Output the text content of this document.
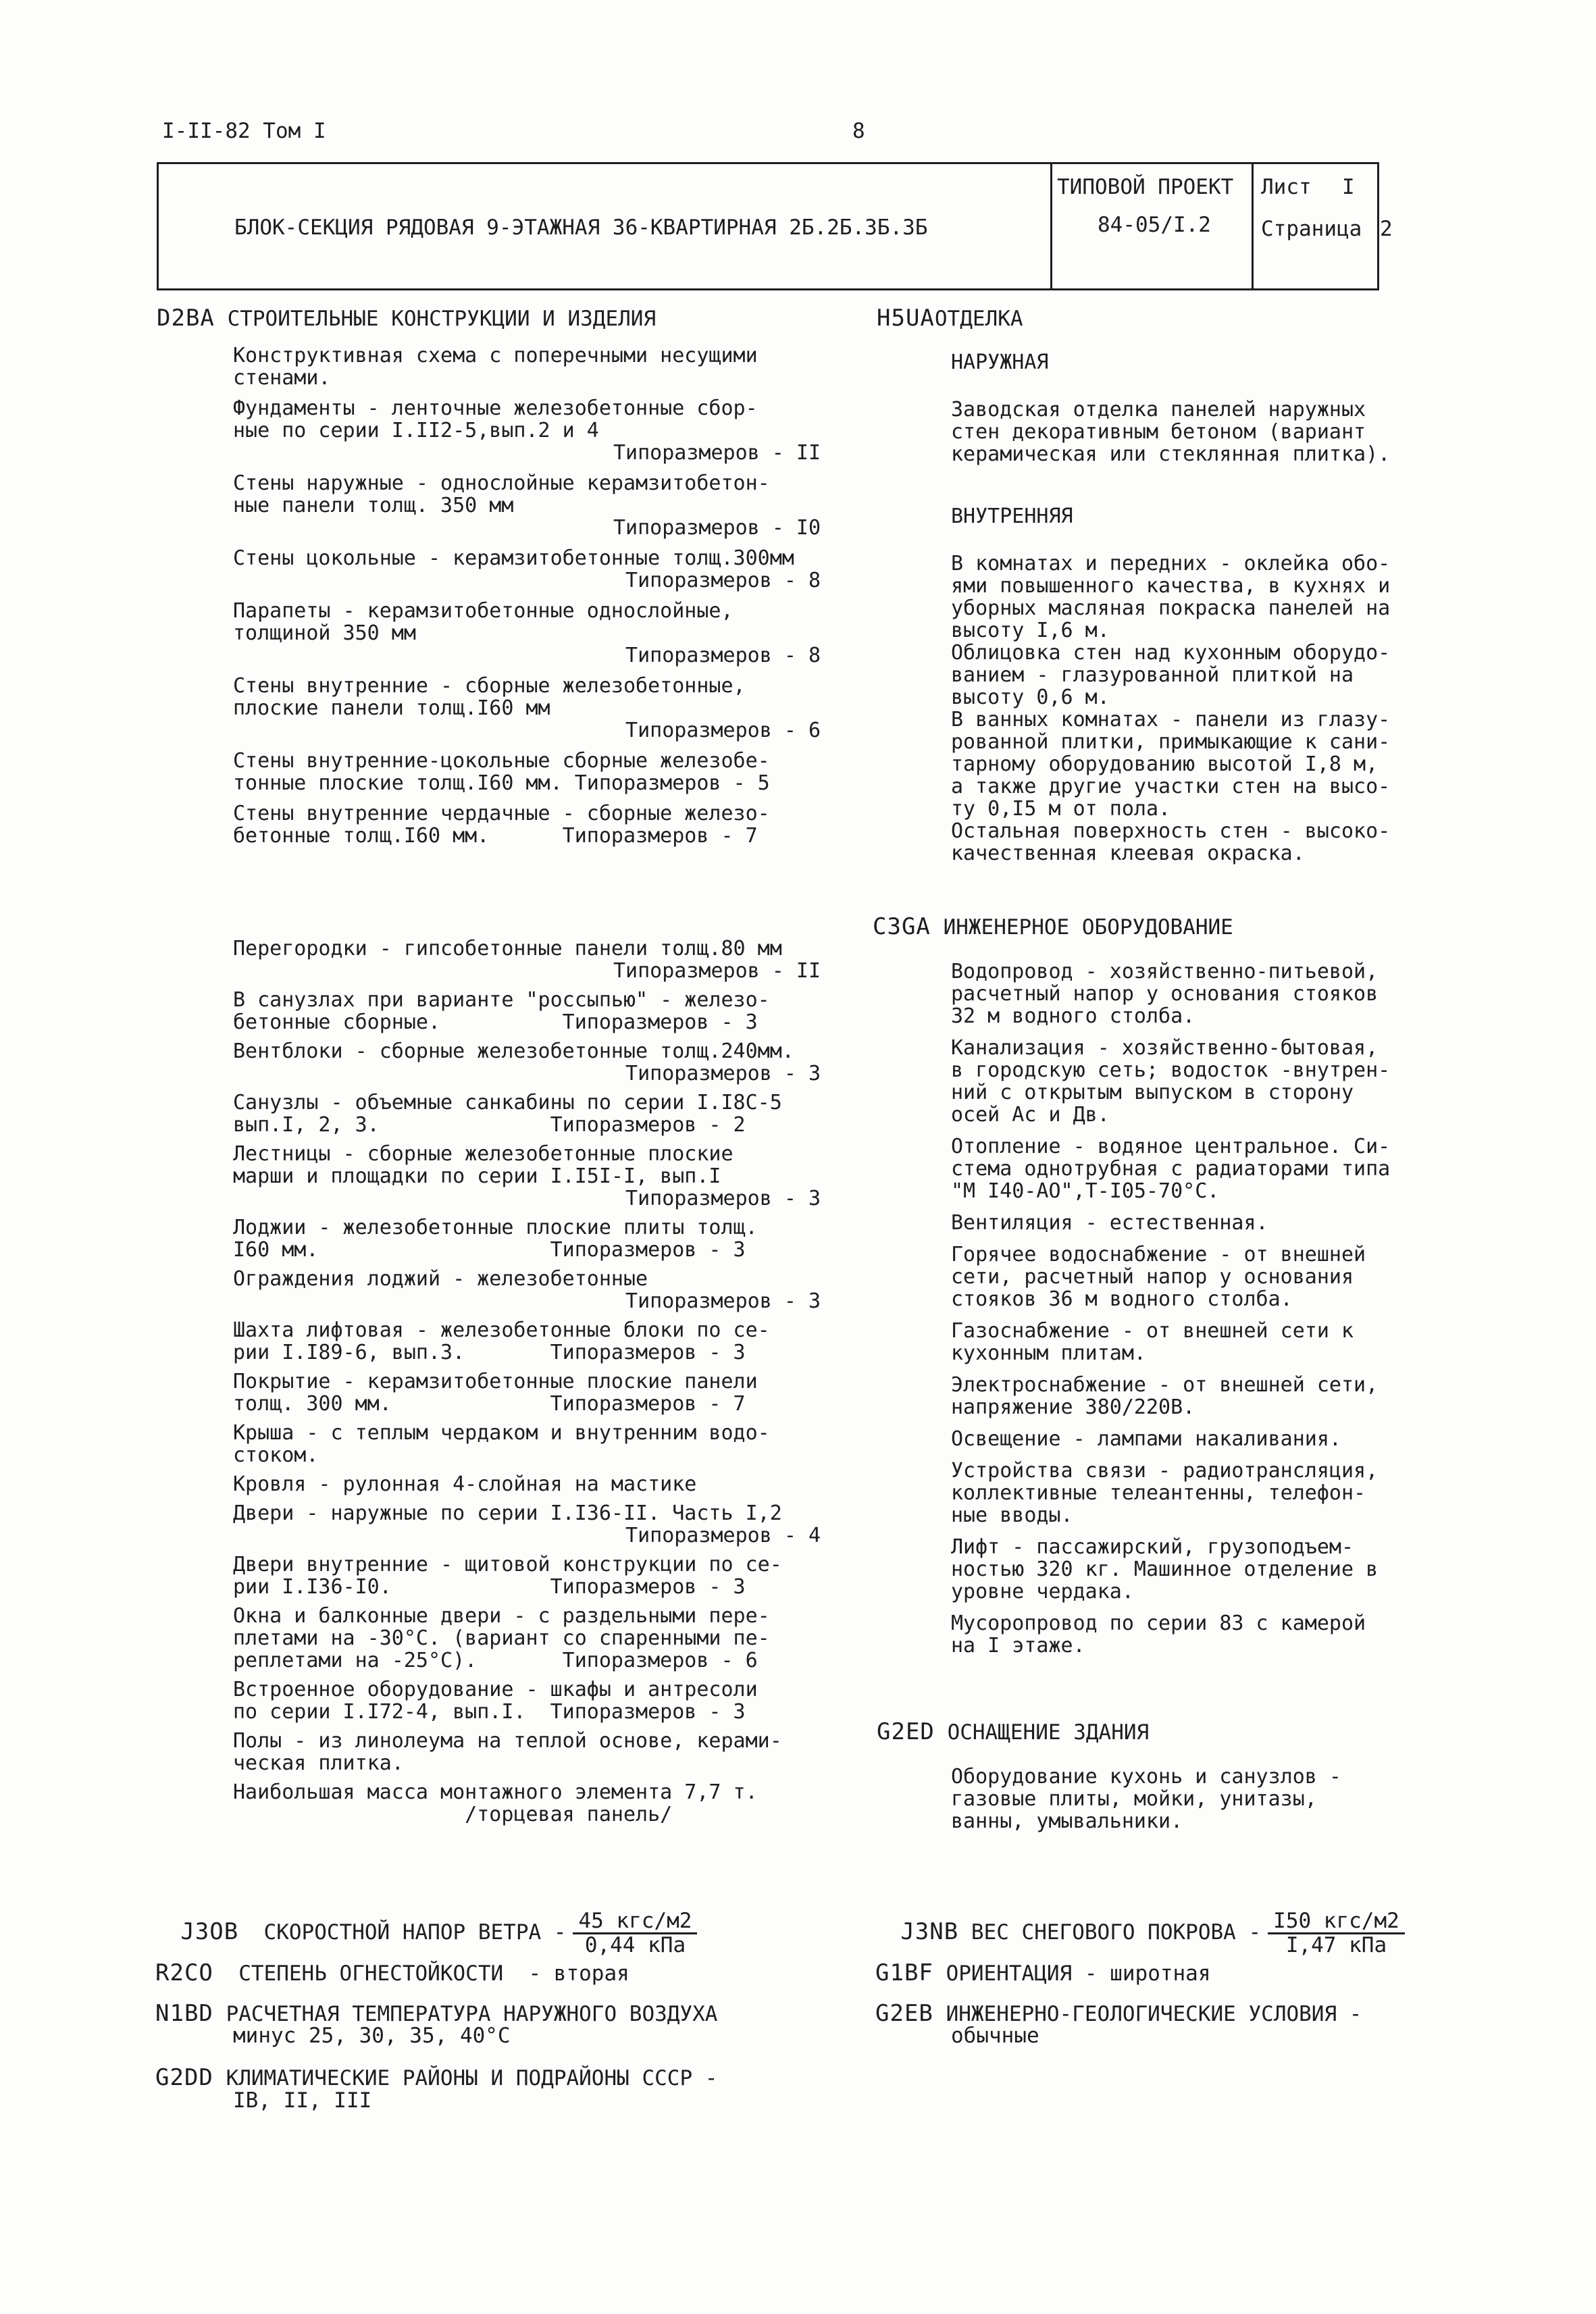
I-II-82 Том I	8
БЛОК-СЕКЦИЯ РЯДОВАЯ 9-ЭТАЖНАЯ 36-КВАРТИРНАЯ 2Б.2Б.3Б.3Б
ТИПОВОЙ ПРОЕКТ
84-05/I.2
Лист I
Страница 2
D2BA СТРОИТЕЛЬНЫЕ КОНСТРУКЦИИ И ИЗДЕЛИЯ
Конструктивная схема с поперечными несущими
стенами.
Фундаменты - ленточные железобетонные сбор-
ные по серии I.II2-5,вып.2 и 4
Типоразмеров - II
Стены наружные - однослойные керамзитобетон-
ные панели толщ. 350 мм
Типоразмеров - I0
Стены цокольные - керамзитобетонные толщ.300мм
Типоразмеров - 8
Парапеты - керамзитобетонные однослойные,
толщиной 350 мм
Типоразмеров - 8
Стены внутренние - сборные железобетонные,
плоские панели толщ.I60 мм
Типоразмеров - 6
Стены внутренние-цокольные сборные железобе-
тонные плоские толщ.I60 мм. Типоразмеров - 5
Стены внутренние чердачные - сборные железо-
бетонные толщ.I60 мм.      Типоразмеров - 7
Перегородки - гипсобетонные панели толщ.80 мм
Типоразмеров - II
В санузлах при варианте "россыпью" - железо-
бетонные сборные.          Типоразмеров - 3
Вентблоки - сборные железобетонные толщ.240мм.
Типоразмеров - 3
Санузлы - объемные санкабины по серии I.I8С-5
вып.I, 2, 3.              Типоразмеров - 2
Лестницы - сборные железобетонные плоские
марши и площадки по серии I.I5I-I, вып.I
Типоразмеров - 3
Лоджии - железобетонные плоские плиты толщ.
I60 мм.                   Типоразмеров - 3
Ограждения лоджий - железобетонные
Типоразмеров - 3
Шахта лифтовая - железобетонные блоки по се-
рии I.I89-6, вып.3.       Типоразмеров - 3
Покрытие - керамзитобетонные плоские панели
толщ. 300 мм.             Типоразмеров - 7
Крыша - с теплым чердаком и внутренним водо-
стоком.
Кровля - рулонная 4-слойная на мастике
Двери - наружные по серии I.I36-II. Часть I,2
Типоразмеров - 4
Двери внутренние - щитовой конструкции по се-
рии I.I36-I0.             Типоразмеров - 3
Окна и балконные двери - с раздельными пере-
плетами на -30°С. (вариант со спаренными пе-
реплетами на -25°С).       Типоразмеров - 6
Встроенное оборудование - шкафы и антресоли
по серии I.I72-4, вып.I.  Типоразмеров - 3
Полы - из линолеума на теплой основе, керами-
ческая плитка.
Наибольшая масса монтажного элемента 7,7 т.
/торцевая панель/
H5UAОТДЕЛКА
НАРУЖНАЯ
Заводская отделка панелей наружных
стен декоративным бетоном (вариант
керамическая или стеклянная плитка).
ВНУТРЕННЯЯ
В комнатах и передних - оклейка обо-
ями повышенного качества, в кухнях и
уборных масляная покраска панелей на
высоту I,6 м.
Облицовка стен над кухонным оборудо-
ванием - глазурованной плиткой на
высоту 0,6 м.
В ванных комнатах - панели из глазу-
рованной плитки, примыкающие к сани-
тарному оборудованию высотой I,8 м,
а также другие участки стен на высо-
ту 0,I5 м от пола.
Остальная поверхность стен - высоко-
качественная клеевая окраска.
C3GA ИНЖЕНЕРНОЕ ОБОРУДОВАНИЕ
Водопровод - хозяйственно-питьевой,
расчетный напор у основания стояков
32 м водного столба.
Канализация - хозяйственно-бытовая,
в городскую сеть; водосток -внутрен-
ний с открытым выпуском в сторону
осей Ас и Дв.
Отопление - водяное центральное. Си-
стема однотрубная с радиаторами типа
"М I40-АО",Т-I05-70°С.
Вентиляция - естественная.
Горячее водоснабжение - от внешней
сети, расчетный напор у основания
стояков 36 м водного столба.
Газоснабжение - от внешней сети к
кухонным плитам.
Электроснабжение - от внешней сети,
напряжение 380/220В.
Освещение - лампами накаливания.
Устройства связи - радиотрансляция,
коллективные телеантенны, телефон-
ные вводы.
Лифт - пассажирский, грузоподъем-
ностью 320 кг. Машинное отделение в
уровне чердака.
Мусоропровод по серии 83 с камерой
на I этаже.
G2ED ОСНАЩЕНИЕ ЗДАНИЯ
Оборудование кухонь и санузлов -
газовые плиты, мойки, унитазы,
ванны, умывальники.

J3OB СКОРОСТНОЙ НАПОР ВЕТРА - $\frac{\text{45 кгс/м2}}{\text{0,44 кПа}}$	J3NB ВЕС СНЕГОВОГО ПОКРОВА - $\frac{\text{I50 кгс/м2}}{\text{I,47 кПа}}$

R2CO СТЕПЕНЬ ОГНЕСТОЙКОСТИ - вторая	G1BF ОРИЕНТАЦИЯ - широтная
N1BD РАСЧЕТНАЯ ТЕМПЕРАТУРА НАРУЖНОГО ВОЗДУХА
минус 25, 30, 35, 40°С
G2EB ИНЖЕНЕРНО-ГЕОЛОГИЧЕСКИЕ УСЛОВИЯ -
обычные
G2DD КЛИМАТИЧЕСКИЕ РАЙОНЫ И ПОДРАЙОНЫ СССР -
IВ, II, III
